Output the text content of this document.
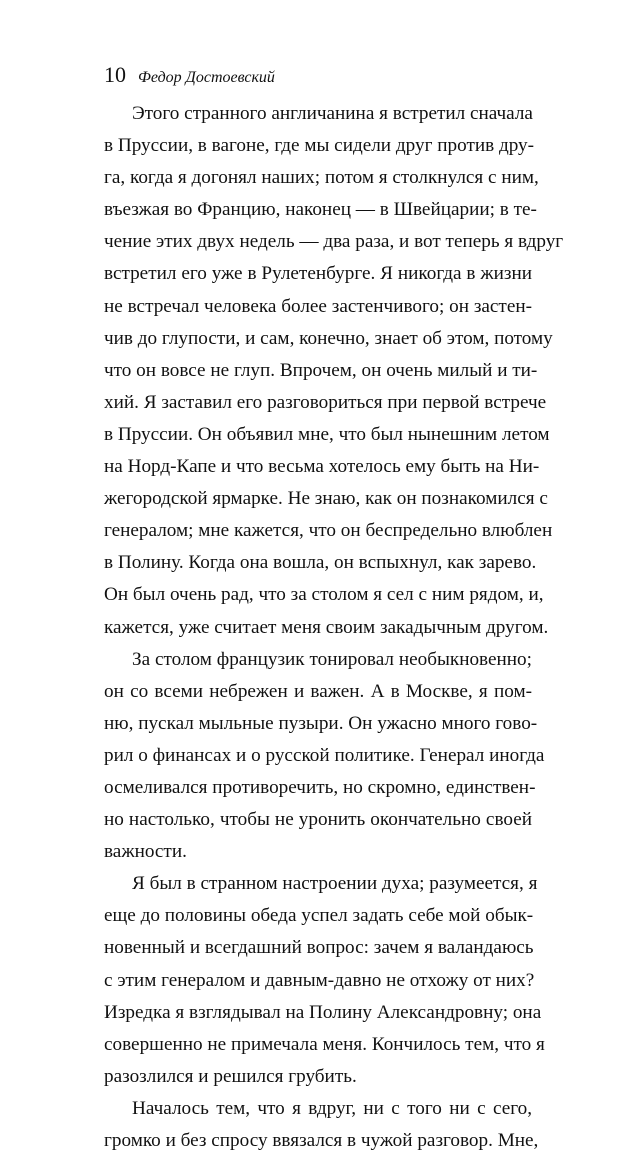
10 Федор Достоевский
Этого странного англичанина я встретил сначала
в Пруссии, в вагоне, где мы сидели друг против дру-
га, когда я догонял наших; потом я столкнулся с ним,
въезжая во Францию, наконец — в Швейцарии; в те-
чение этих двух недель — два раза, и вот теперь я вдруг
встретил его уже в Рулетенбурге. Я никогда в жизни
не встречал человека более застенчивого; он застен-
чив до глупости, и сам, конечно, знает об этом, потому
что он вовсе не глуп. Впрочем, он очень милый и ти-
хий. Я заставил его разговориться при первой встрече
в Пруссии. Он объявил мне, что был нынешним летом
на Норд-Капе и что весьма хотелось ему быть на Ни-
жегородской ярмарке. Не знаю, как он познакомился с
генералом; мне кажется, что он беспредельно влюблен
в Полину. Когда она вошла, он вспыхнул, как зарево.
Он был очень рад, что за столом я сел с ним рядом, и,
кажется, уже считает меня своим закадычным другом.
За столом французик тонировал необыкновенно;
он со всеми небрежен и важен. А в Москве, я пом-
ню, пускал мыльные пузыри. Он ужасно много гово-
рил о финансах и о русской политике. Генерал иногда
осмеливался противоречить, но скромно, единствен-
но настолько, чтобы не уронить окончательно своей
важности.
Я был в странном настроении духа; разумеется, я
еще до половины обеда успел задать себе мой обык-
новенный и всегдашний вопрос: зачем я валандаюсь
с этим генералом и давным-давно не отхожу от них?
Изредка я взглядывал на Полину Александровну; она
совершенно не примечала меня. Кончилось тем, что я
разозлился и решился грубить.
Началось тем, что я вдруг, ни с того ни с сего,
громко и без спросу ввязался в чужой разговор. Мне,
